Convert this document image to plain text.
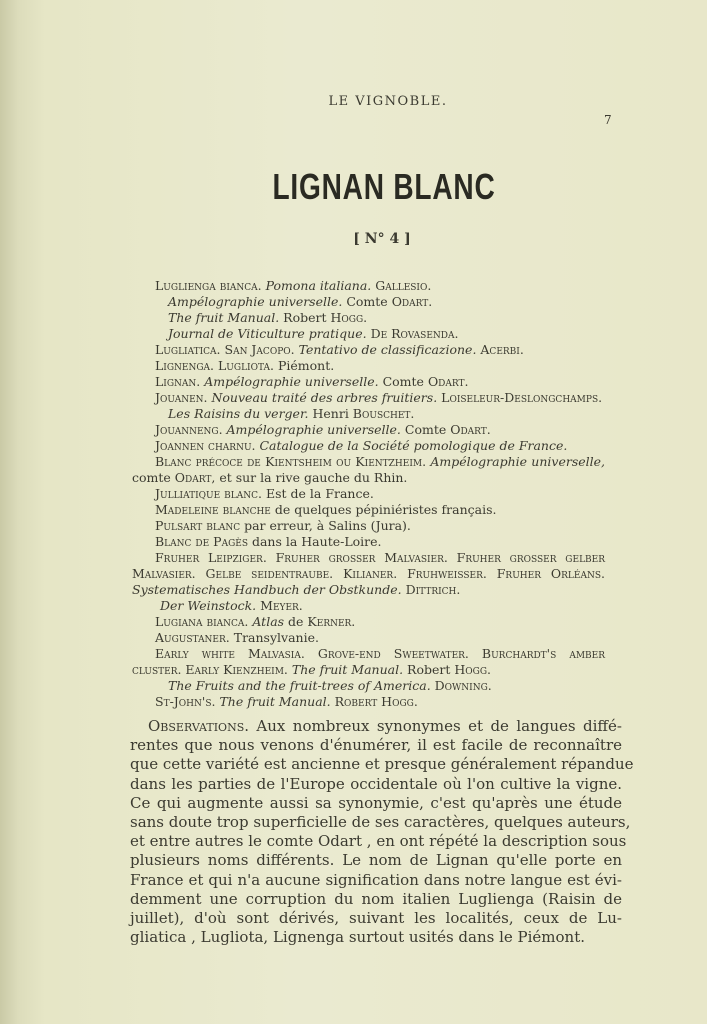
LE VIGNOBLE.
7
LIGNAN BLANC
[ N° 4 ]
Luglienga bianca. Pomona italiana. Gallesio.
Ampélographie universelle. Comte Odart.
The fruit Manual. Robert Hogg.
Journal de Viticulture pratique. De Rovasenda.
Lugliatica. San Jacopo. Tentativo de classificazione. Acerbi.
Lignenga. Lugliota. Piémont.
Lignan. Ampélographie universelle. Comte Odart.
Jouanen. Nouveau traité des arbres fruitiers. Loiseleur-Deslongchamps.
Les Raisins du verger. Henri Bouschet.
Jouanneng. Ampélographie universelle. Comte Odart.
Joannen charnu. Catalogue de la Société pomologique de France.
Blanc précoce de Kientsheim ou Kientzheim. Ampélographie universelle,
comte Odart, et sur la rive gauche du Rhin.
Julliatique blanc. Est de la France.
Madeleine blanche de quelques pépiniéristes français.
Pulsart blanc par erreur, à Salins (Jura).
Blanc de Pagès dans la Haute-Loire.
Fruher Leipziger. Fruher grosser Malvasier. Fruher grosser gelber
Malvasier. Gelbe seidentraube. Kilianer. Fruhweisser. Fruher Orléans.
Systematisches Handbuch der Obstkunde. Dittrich.
Der Weinstock. Meyer.
Lugiana bianca. Atlas de Kerner.
Augustaner. Transylvanie.
Early white Malvasia. Grove-end Sweetwater. Burchardt's amber
cluster. Early Kienzheim. The fruit Manual. Robert Hogg.
The Fruits and the fruit-trees of America. Downing.
St-John's. The fruit Manual. Robert Hogg.
Observations. Aux nombreux synonymes et de langues diffé-
rentes que nous venons d'énumérer, il est facile de reconnaître
que cette variété est ancienne et presque généralement répandue
dans les parties de l'Europe occidentale où l'on cultive la vigne.
Ce qui augmente aussi sa synonymie, c'est qu'après une étude
sans doute trop superficielle de ses caractères, quelques auteurs,
et entre autres le comte Odart , en ont répété la description sous
plusieurs noms différents. Le nom de Lignan qu'elle porte en
France et qui n'a aucune signification dans notre langue est évi-
demment une corruption du nom italien Luglienga (Raisin de
juillet), d'où sont dérivés, suivant les localités, ceux de Lu-
gliatica , Lugliota, Lignenga surtout usités dans le Piémont.
